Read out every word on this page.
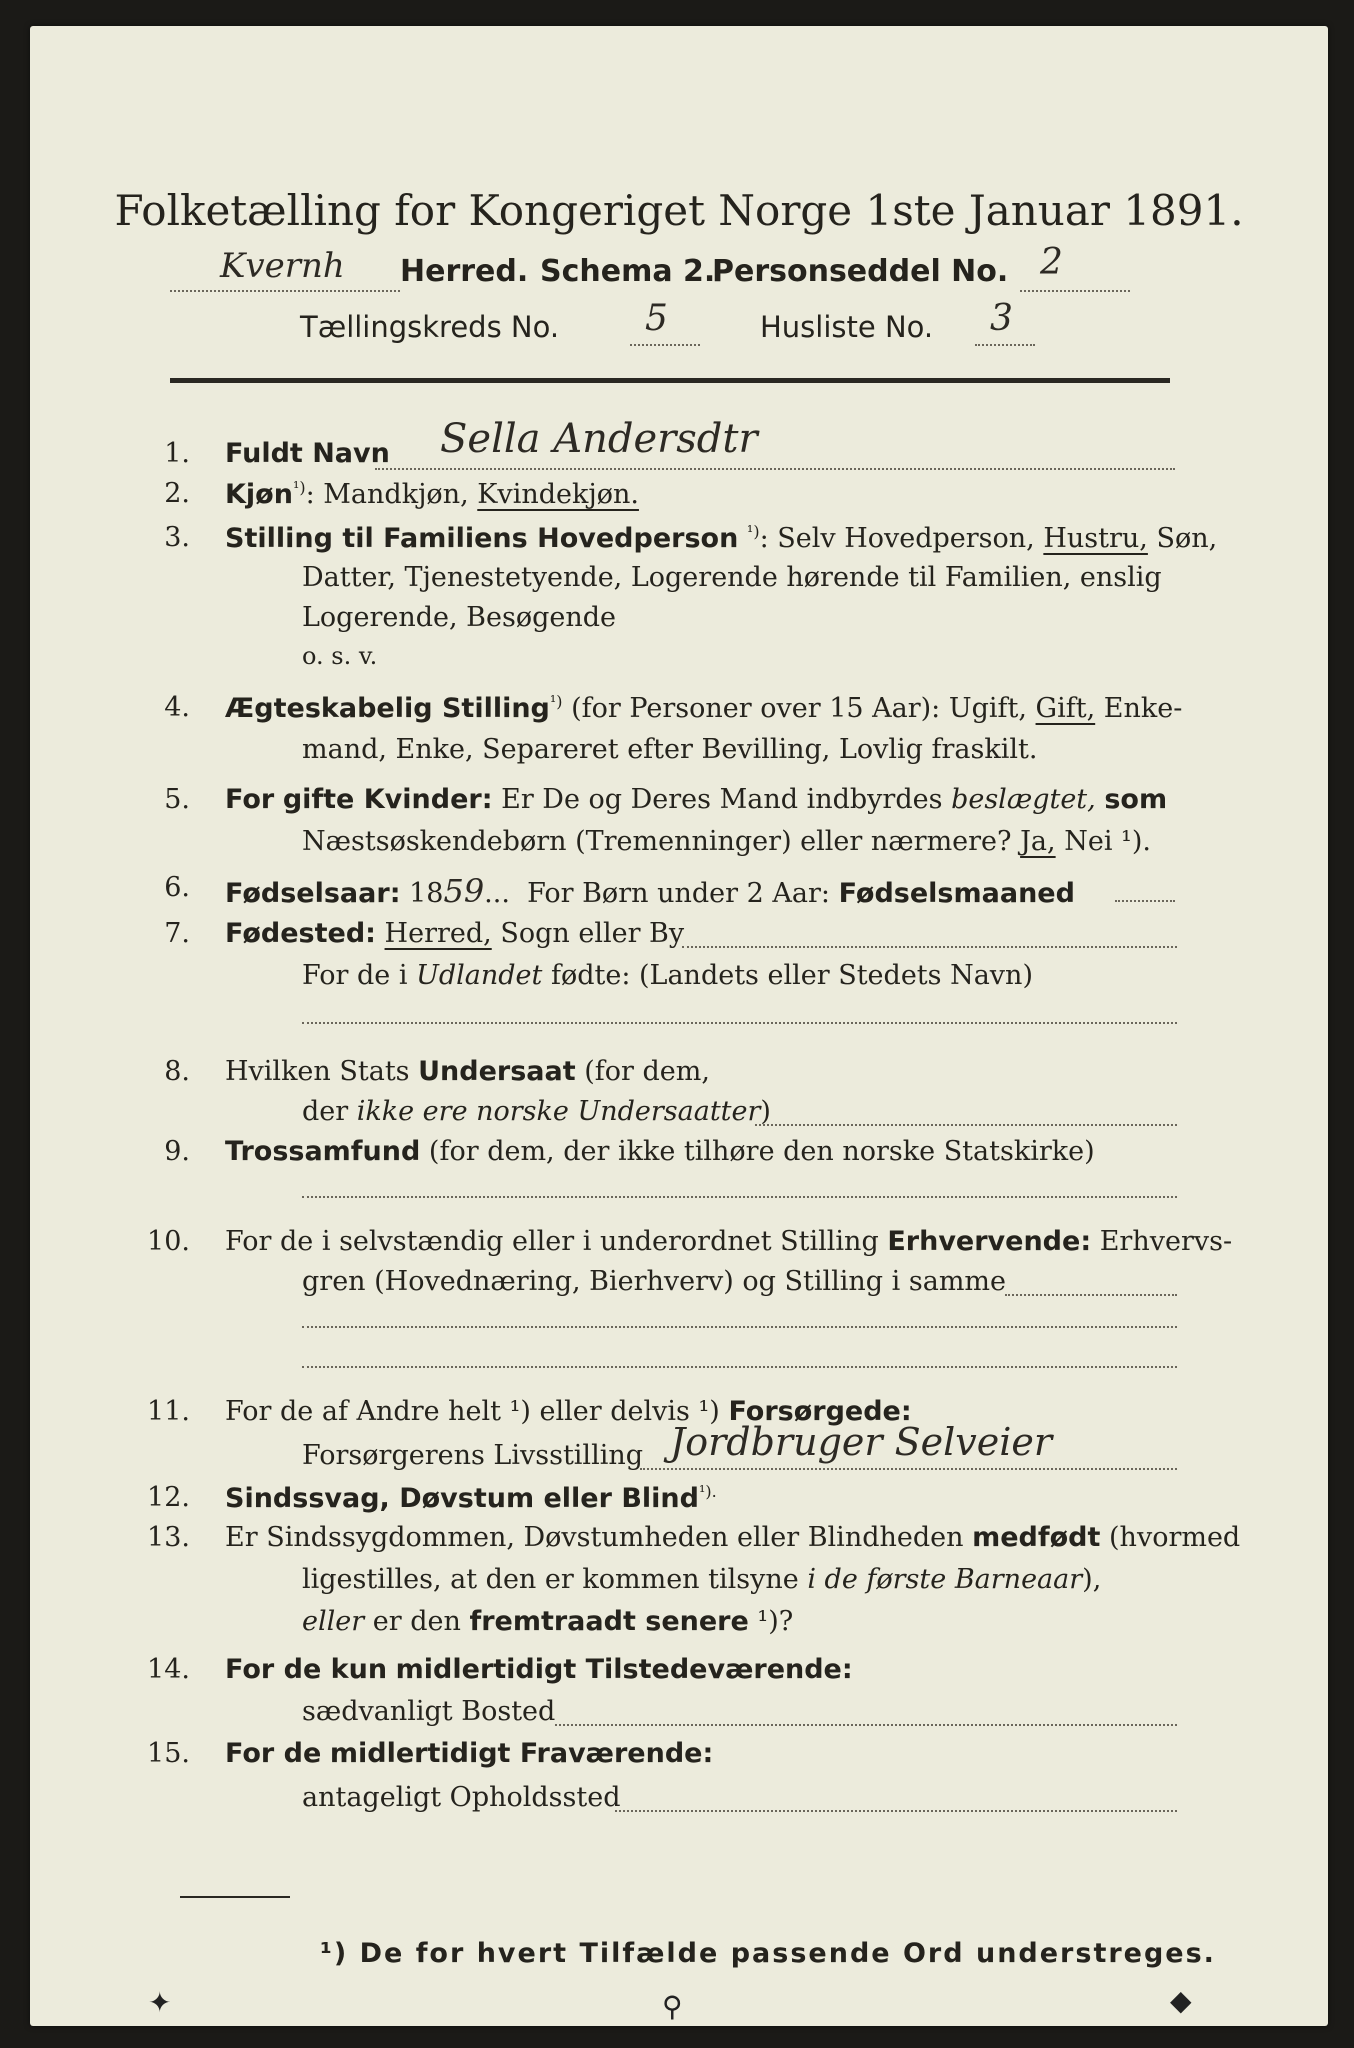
Folketælling for Kongeriget Norge 1ste Januar 1891.
Kvernh Herred. Schema 2.
Personseddel No. 2
Tællingskreds No. 5	Husliste No. 3
1. Fuldt Navn Sella Andersdtr
2. Kjøn$^{^1)}$: Mandkjøn, Kvindekjøn.
3. Stilling til Familiens Hovedperson $^{^1)}$: Selv Hovedperson, Hustru, Søn,
Datter, Tjenestetyende, Logerende hørende til Familien, enslig
Logerende, Besøgende
o. s. v.
4. Ægteskabelig Stilling$^{^1)}$ (for Personer over 15 Aar): Ugift, Gift, Enke-
mand, Enke, Separeret efter Bevilling, Lovlig fraskilt.
5. For gifte Kvinder: Er De og Deres Mand indbyrdes beslægtet, som
Næstsøskendebørn (Tremenninger) eller nærmere? Ja, Nei ¹).
6. Fødselsaar: 1859...  For Børn under 2 Aar: Fødselsmaaned
7. Fødested: Herred, Sogn eller By
For de i Udlandet fødte: (Landets eller Stedets Navn)
8. Hvilken Stats Undersaat (for dem,
der ikke ere norske Undersaatter)
9. Trossamfund (for dem, der ikke tilhøre den norske Statskirke)
10. For de i selvstændig eller i underordnet Stilling Erhvervende: Erhvervs-
gren (Hovednæring, Bierhverv) og Stilling i samme
11. For de af Andre helt ¹) eller delvis ¹) Forsørgede:
Forsørgerens Livsstilling Jordbruger Selveier
12. Sindssvag, Døvstum eller Blind$^{^1).}$
13. Er Sindssygdommen, Døvstumheden eller Blindheden medfødt (hvormed
ligestilles, at den er kommen tilsyne i de første Barneaar),
eller er den fremtraadt senere ¹)?
14. For de kun midlertidigt Tilstedeværende:
sædvanligt Bosted
15. For de midlertidigt Fraværende:
antageligt Opholdssted
¹) De for hvert Tilfælde passende Ord understreges.
✦	⚲	◆
